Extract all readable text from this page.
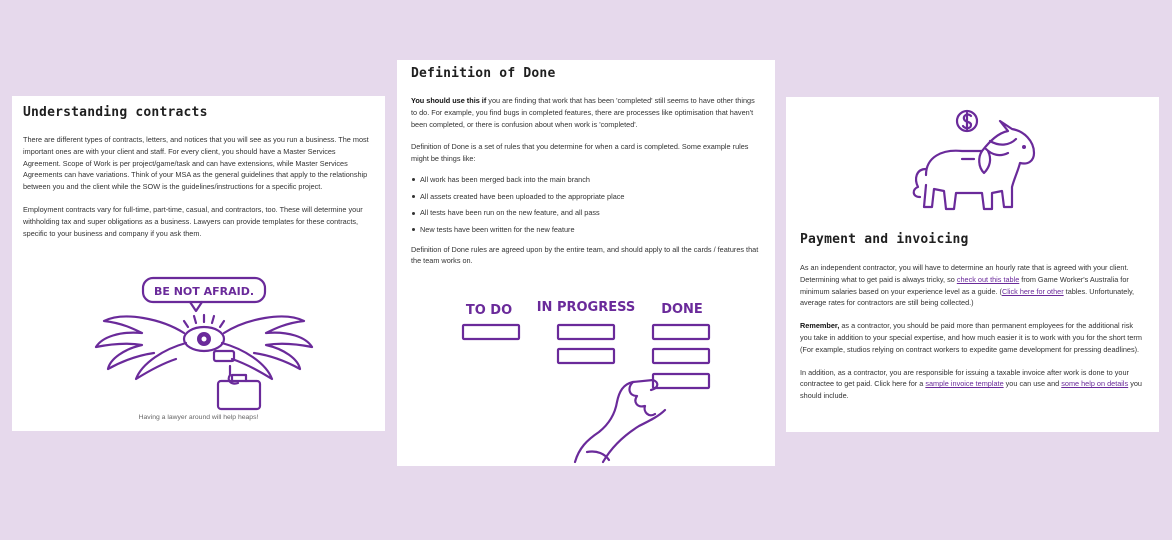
Understanding contracts

There are different types of contracts, letters, and notices that you will see as you run a business. The most important ones are with your client and staff. For every client, you should have a Master Services Agreement. Scope of Work is per project/game/task and can have extensions, while Master Services Agreements can have variations. Think of your MSA as the general guidelines that apply to the relationship between you and the client while the SOW is the guidelines/instructions for a specific project.

Employment contracts vary for full-time, part-time, casual, and contractors, too. These will determine your withholding tax and super obligations as a business. Lawyers can provide templates for these contracts, specific to your business and company if you ask them.

BE NOT AFRAID.
Having a lawyer around will help heaps!
Definition of Done

You should use this if you are finding that work that has been 'completed' still seems to have other things to do. For example, you find bugs in completed features, there are processes like optimisation that haven't been completed, or there is confusion about when work is 'completed'.

Definition of Done is a set of rules that you determine for when a card is completed. Some example rules might be things like:

All work has been merged back into the main branch
All assets created have been uploaded to the appropriate place
All tests have been run on the new feature, and all pass
New tests have been written for the new feature

Definition of Done rules are agreed upon by the entire team, and should apply to all the cards / features that the team works on.

TO DO IN PROGRESS DONE
Payment and invoicing

As an independent contractor, you will have to determine an hourly rate that is agreed with your client. Determining what to get paid is always tricky, so check out this table from Game Worker's Australia for minimum salaries based on your experience level as a guide. (Click here for other tables. Unfortunately, average rates for contractors are still being collected.)

Remember, as a contractor, you should be paid more than permanent employees for the additional risk you take in addition to your special expertise, and how much easier it is to work with you for the short term (For example, studios relying on contract workers to expedite game development for pressing deadlines).

In addition, as a contractor, you are responsible for issuing a taxable invoice after work is done to your contractee to get paid. Click here for a sample invoice template you can use and some help on details you should include.
